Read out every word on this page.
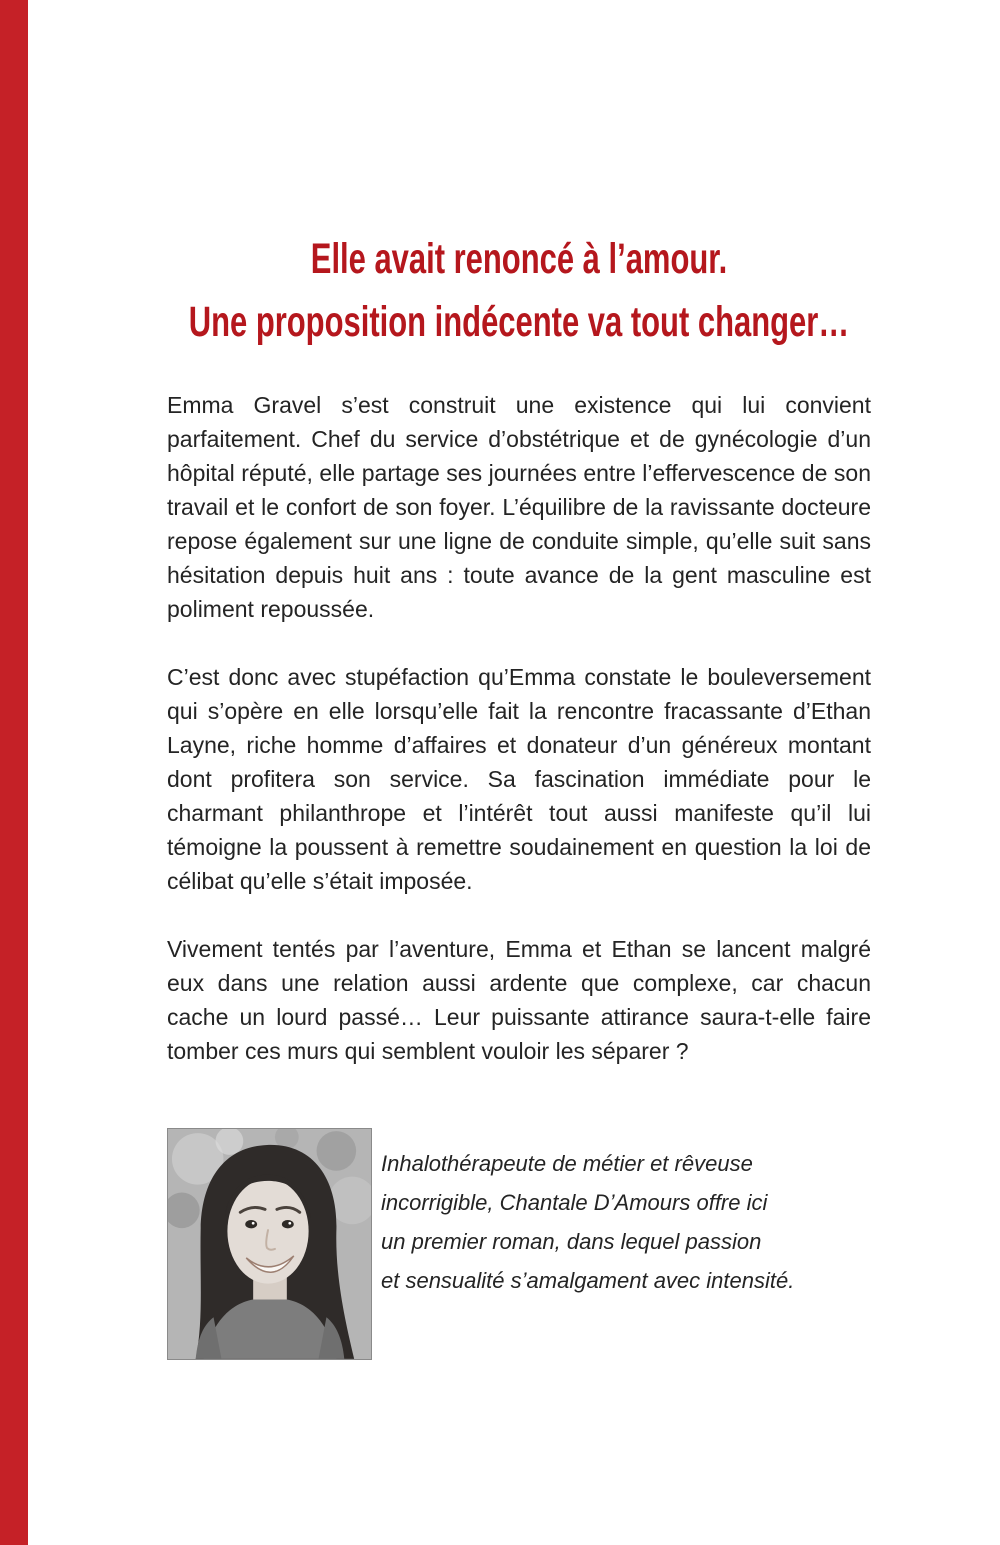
Elle avait renoncé à l’amour.
Une proposition indécente va tout changer…

Emma Gravel s’est construit une existence qui lui convient parfaitement. Chef du service d’obstétrique et de gynécologie d’un hôpital réputé, elle partage ses journées entre l’effervescence de son travail et le confort de son foyer. L’équilibre de la ravissante docteure repose également sur une ligne de conduite simple, qu’elle suit sans hésitation depuis huit ans : toute avance de la gent masculine est poliment repoussée.

C’est donc avec stupéfaction qu’Emma constate le bouleversement qui s’opère en elle lorsqu’elle fait la rencontre fracassante d’Ethan Layne, riche homme d’affaires et donateur d’un généreux montant dont profitera son service. Sa fascination immédiate pour le charmant philanthrope et l’intérêt tout aussi manifeste qu’il lui témoigne la poussent à remettre soudainement en question la loi de célibat qu’elle s’était imposée.

Vivement tentés par l’aventure, Emma et Ethan se lancent malgré eux dans une relation aussi ardente que complexe, car chacun cache un lourd passé… Leur puissante attirance saura-t-elle faire tomber ces murs qui semblent vouloir les séparer ?

Inhalothérapeute de métier et rêveuse
incorrigible, Chantale D’Amours offre ici
un premier roman, dans lequel passion
et sensualité s’amalgament avec intensité.
